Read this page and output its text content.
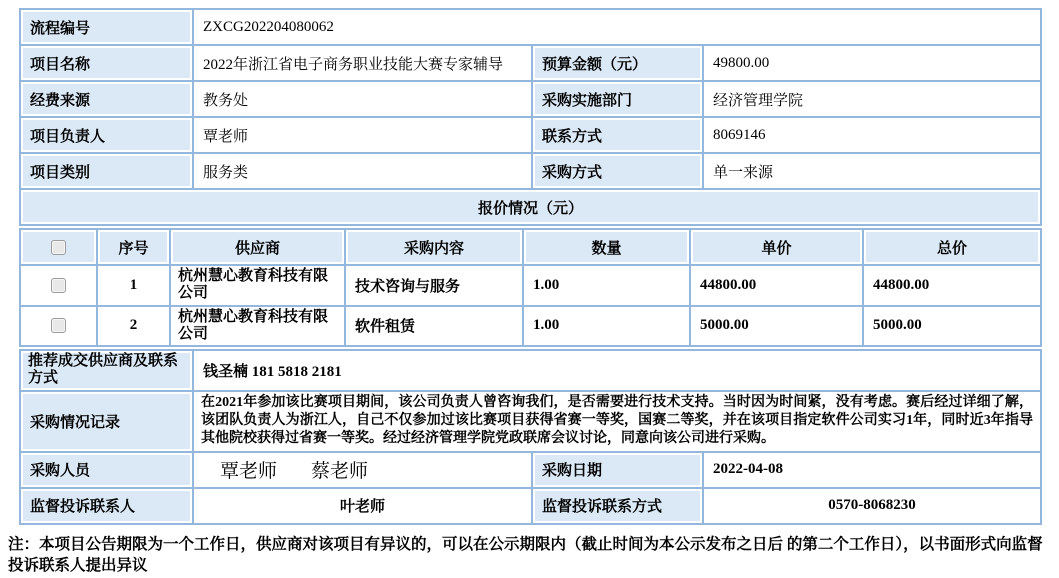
流程编号	ZXCG202204080062		
项目名称	2022年浙江省电子商务职业技能大赛专家辅导	预算金额（元）	49800.00
经费来源	教务处	采购实施部门	经济管理学院
项目负责人	覃老师	联系方式	8069146
项目类别	服务类	采购方式	单一来源
报价情况（元）			
	序号	供应商	采购内容	数量	单价	总价
	1	杭州慧心教育科技有限公司	技术咨询与服务	1.00	44800.00	44800.00
	2	杭州慧心教育科技有限公司	软件租赁	1.00	5000.00	5000.00
推荐成交供应商及联系方式	钱圣楠 181 5818 2181		
采购情况记录	在2021年参加该比赛项目期间，该公司负责人曾咨询我们，是否需要进行技术支持。当时因为时间紧，没有考虑。赛后经过详细了解，该团队负责人为浙江人，自己不仅参加过该比赛项目获得省赛一等奖，国赛二等奖，并在该项目指定软件公司实习1年，同时近3年指导其他院校获得过省赛一等奖。经过经济管理学院党政联席会议讨论，同意向该公司进行采购。		
采购人员	覃老师 蔡老师	采购日期	2022-04-08
监督投诉联系人	叶老师	监督投诉联系方式	0570-8068230
注：本项目公告期限为一个工作日，供应商对该项目有异议的，可以在公示期限内（截止时间为本公示发布之日后 的第二个工作日），以书面形式向监督投诉联系人提出异议
